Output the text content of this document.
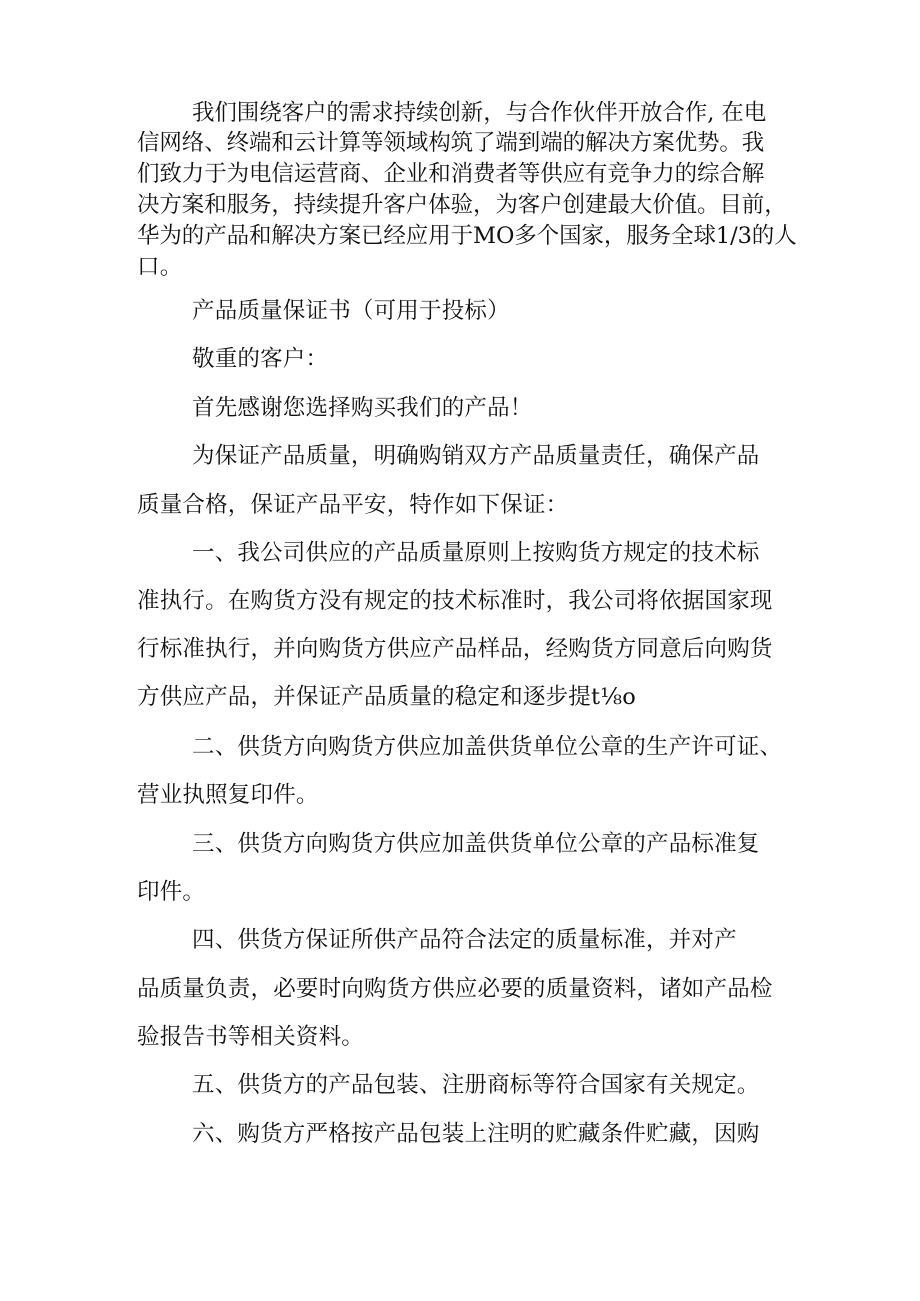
我们围绕客户的需求持续创新，与合作伙伴开放合作, 在电
信网络、终端和云计算等领域构筑了端到端的解决方案优势。我
们致力于为电信运营商、企业和消费者等供应有竞争力的综合解
决方案和服务，持续提升客户体验，为客户创建最大价值。目前，
华为的产品和解决方案已经应用于MO多个国家，服务全球1/3的人
口。
产品质量保证书（可用于投标）
敬重的客户：
首先感谢您选择购买我们的产品！
为保证产品质量，明确购销双方产品质量责任，确保产品
质量合格，保证产品平安，特作如下保证：
一、我公司供应的产品质量原则上按购货方规定的技术标
准执行。在购货方没有规定的技术标准时，我公司将依据国家现
行标准执行，并向购货方供应产品样品，经购货方同意后向购货
方供应产品，并保证产品质量的稳定和逐步提t⅛o
二、供货方向购货方供应加盖供货单位公章的生产许可证、
营业执照复印件。
三、供货方向购货方供应加盖供货单位公章的产品标准复
印件。
四、供货方保证所供产品符合法定的质量标准，并对产
品质量负责，必要时向购货方供应必要的质量资料，诸如产品检
验报告书等相关资料。
五、供货方的产品包装、注册商标等符合国家有关规定。
六、购货方严格按产品包装上注明的贮藏条件贮藏，因购
